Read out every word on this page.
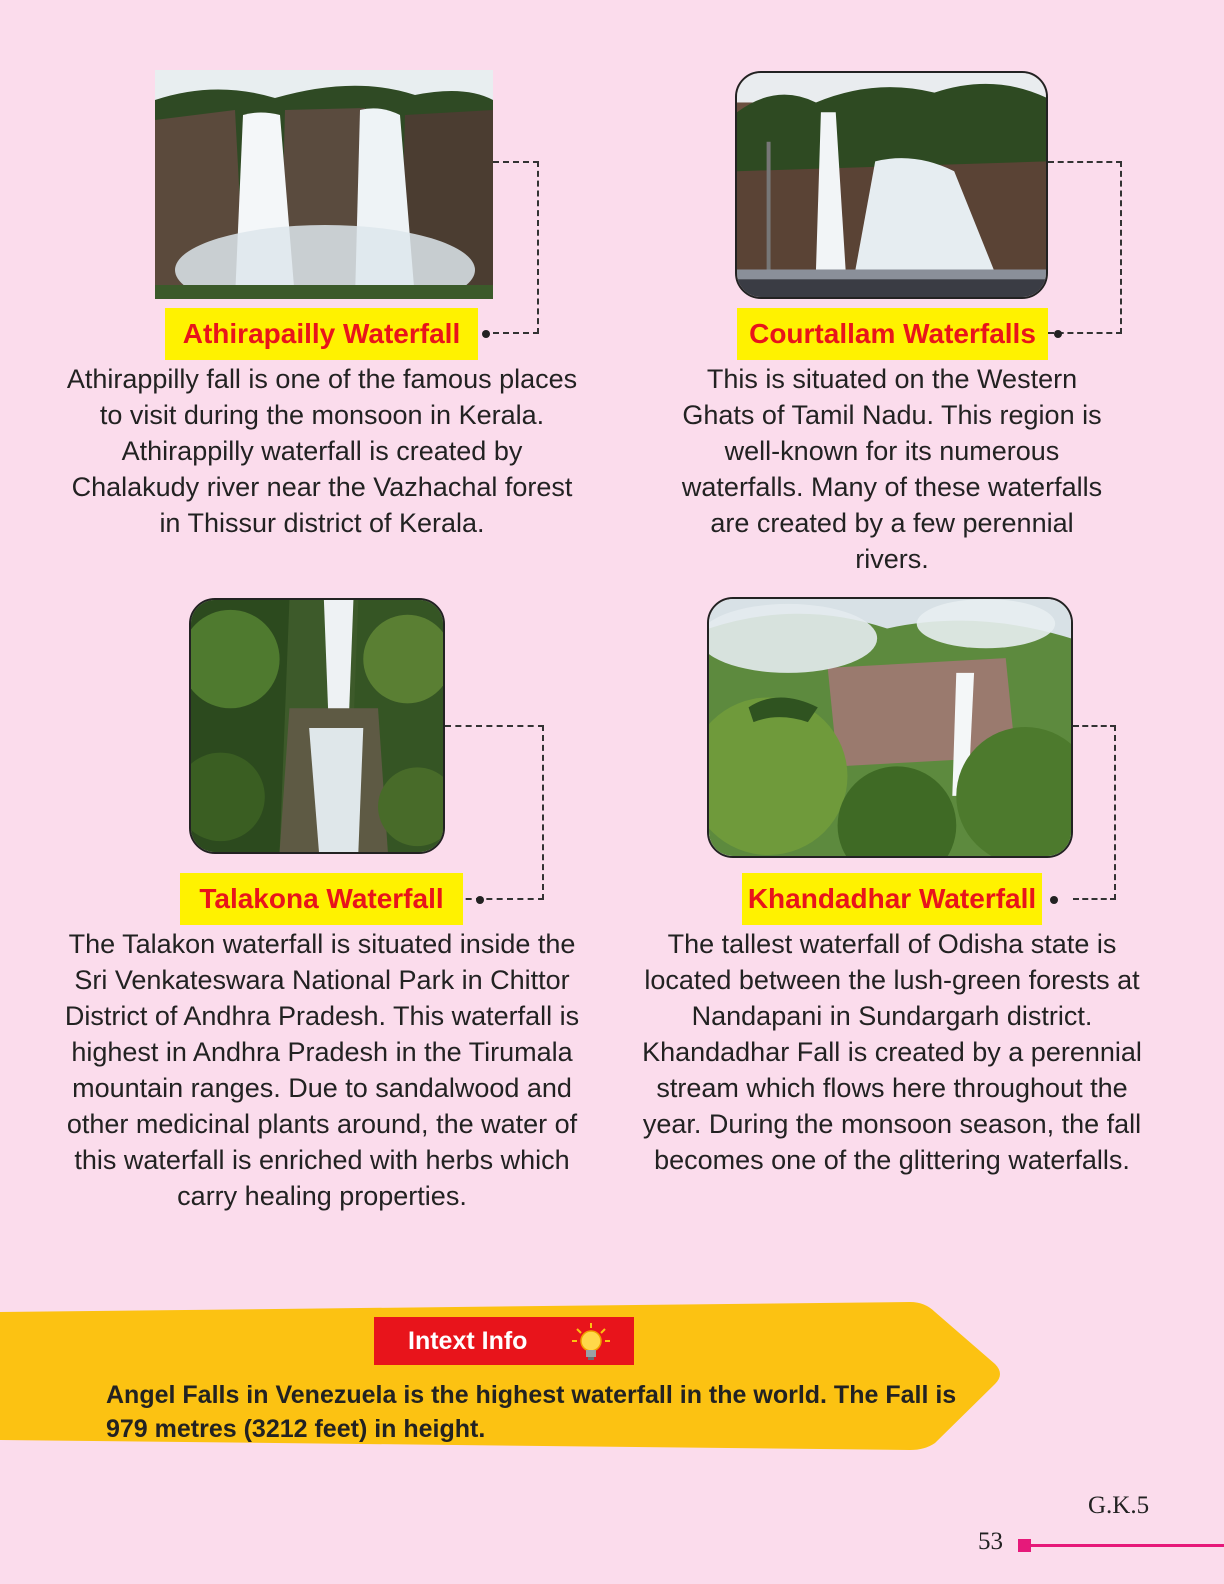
Athirapailly Waterfall
Athirappilly fall is one of the famous places to visit during the monsoon in Kerala. Athirappilly waterfall is created by Chalakudy river near the Vazhachal forest in Thissur district of Kerala.
Courtallam Waterfalls
This is situated on the Western Ghats of Tamil Nadu. This region is well-known for its numerous waterfalls. Many of these waterfalls are created by a few perennial rivers.
Talakona Waterfall
The Talakon waterfall is situated inside the Sri Venkateswara National Park in Chittor District of Andhra Pradesh. This waterfall is highest in Andhra Pradesh in the Tirumala mountain ranges. Due to sandalwood and other medicinal plants around, the water of this waterfall is enriched with herbs which carry healing properties.
Khandadhar Waterfall
The tallest waterfall of Odisha state is located between the lush-green forests at Nandapani in Sundargarh district. Khandadhar Fall is created by a perennial stream which flows here throughout the year. During the monsoon season, the fall becomes one of the glittering waterfalls.
Intext Info
Angel Falls in Venezuela is the highest waterfall in the world. The Fall is 979 metres (3212 feet) in height.
G.K.5
53
